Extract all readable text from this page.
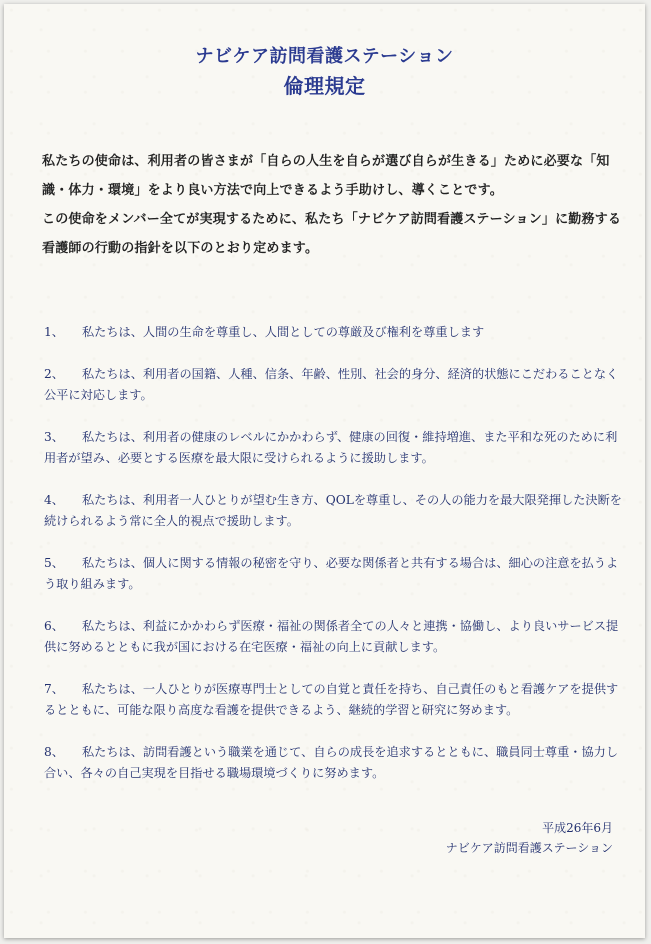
ナビケア訪問看護ステーション
倫理規定

私たちの使命は、利用者の皆さまが「自らの人生を自らが選び自らが生きる」ために必要な「知

識・体力・環境」をより良い方法で向上できるよう手助けし、導くことです。

この使命をメンバー全てが実現するために、私たち「ナビケア訪問看護ステーション」に勤務する

看護師の行動の指針を以下のとおり定めます。

1、 私たちは、人間の生命を尊重し、人間としての尊厳及び権利を尊重します
2、 私たちは、利用者の国籍、人種、信条、年齢、性別、社会的身分、経済的状態にこだわることなく公平に対応します。
3、 私たちは、利用者の健康のレベルにかかわらず、健康の回復・維持増進、また平和な死のために利用者が望み、必要とする医療を最大限に受けられるように援助します。
4、 私たちは、利用者一人ひとりが望む生き方、QOLを尊重し、その人の能力を最大限発揮した決断を続けられるよう常に全人的視点で援助します。
5、 私たちは、個人に関する情報の秘密を守り、必要な関係者と共有する場合は、細心の注意を払うよう取り組みます。
6、 私たちは、利益にかかわらず医療・福祉の関係者全ての人々と連携・協働し、より良いサービス提供に努めるとともに我が国における在宅医療・福祉の向上に貢献します。
7、 私たちは、一人ひとりが医療専門士としての自覚と責任を持ち、自己責任のもと看護ケアを提供するとともに、可能な限り高度な看護を提供できるよう、継続的学習と研究に努めます。
8、 私たちは、訪問看護という職業を通じて、自らの成長を追求するとともに、職員同士尊重・協力し合い、各々の自己実現を目指せる職場環境づくりに努めます。
平成26年6月
ナビケア訪問看護ステーション
